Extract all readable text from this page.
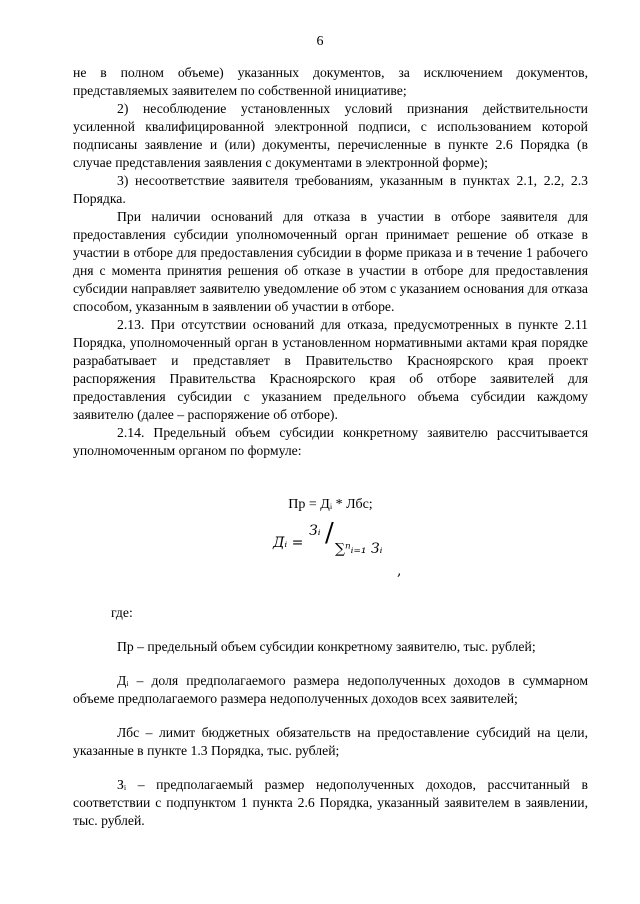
6

не в полном объеме) указанных документов, за исключением документов, представляемых заявителем по собственной инициативе;

2) несоблюдение установленных условий признания действительности усиленной квалифицированной электронной подписи, с использованием которой подписаны заявление и (или) документы, перечисленные в пункте 2.6 Порядка (в случае представления заявления с документами в электронной форме);

3) несоответствие заявителя требованиям, указанным в пунктах 2.1, 2.2, 2.3 Порядка.

При наличии оснований для отказа в участии в отборе заявителя для предоставления субсидии уполномоченный орган принимает решение об отказе в участии в отборе для предоставления субсидии в форме приказа и в течение 1 рабочего дня с момента принятия решения об отказе в участии в отборе для предоставления субсидии направляет заявителю уведомление об этом с указанием основания для отказа способом, указанным в заявлении об участии в отборе.

2.13. При отсутствии оснований для отказа, предусмотренных в пункте 2.11 Порядка, уполномоченный орган в установленном нормативными актами края порядке разрабатывает и представляет в Правительство Красноярского края проект распоряжения Правительства Красноярского края об отборе заявителей для предоставления субсидии с указанием предельного объема субсидии каждому заявителю (далее – распоряжение об отборе).

2.14. Предельный объем субсидии конкретному заявителю рассчитывается уполномоченным органом по формуле:

Пр = Дᵢ * Лбс;
Дᵢ =
Зᵢ /
∑ⁿᵢ₌₁ Зᵢ
,

где:

Пр – предельный объем субсидии конкретному заявителю, тыс. рублей;

Дᵢ – доля предполагаемого размера недополученных доходов в суммарном объеме предполагаемого размера недополученных доходов всех заявителей;

Лбс – лимит бюджетных обязательств на предоставление субсидий на цели, указанные в пункте 1.3 Порядка, тыс. рублей;

Зᵢ – предполагаемый размер недополученных доходов, рассчитанный в соответствии с подпунктом 1 пункта 2.6 Порядка, указанный заявителем в заявлении, тыс. рублей.
